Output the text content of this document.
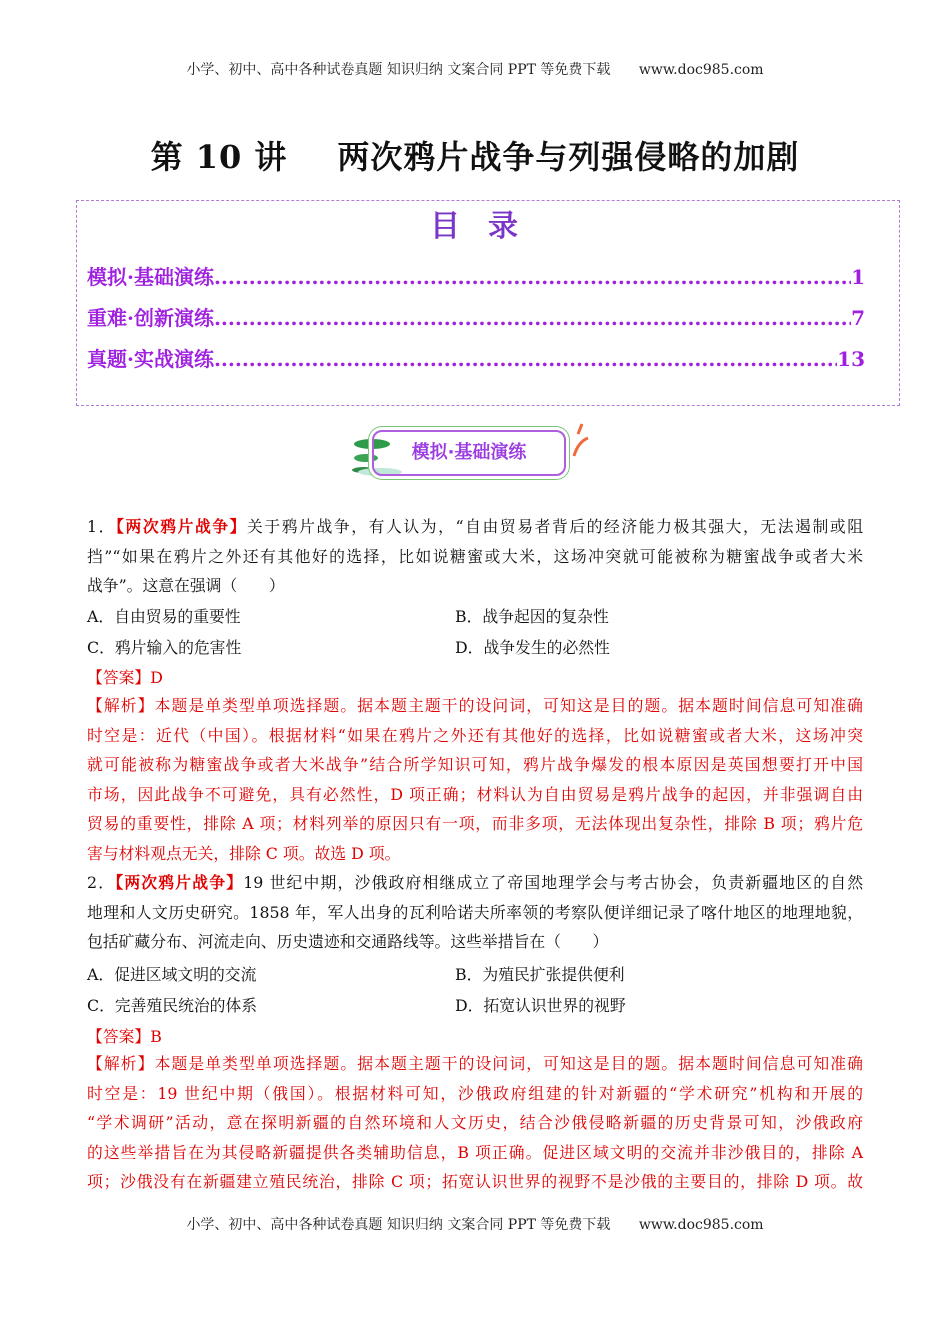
小学、初中、高中各种试卷真题 知识归纳 文案合同 PPT 等免费下载 www.doc985.com
第 10 讲 两次鸦片战争与列强侵略的加剧
目录
模拟·基础演练 .....	1
重难·创新演练 .....	7
真题·实战演练 .....	13
模拟·基础演练
1．【两次鸦片战争】关于鸦片战争，有人认为，“自由贸易者背后的经济能力极其强大，无法遏制或阻
挡”“如果在鸦片之外还有其他好的选择，比如说糖蜜或大米，这场冲突就可能被称为糖蜜战争或者大米
战争”。这意在强调（　　）
A．自由贸易的重要性	B．战争起因的复杂性
C．鸦片输入的危害性	D．战争发生的必然性
【答案】D
【解析】本题是单类型单项选择题。据本题主题干的设问词，可知这是目的题。据本题时间信息可知准确
时空是：近代（中国）。根据材料“如果在鸦片之外还有其他好的选择，比如说糖蜜或者大米，这场冲突
就可能被称为糖蜜战争或者大米战争”结合所学知识可知，鸦片战争爆发的根本原因是英国想要打开中国
市场，因此战争不可避免，具有必然性，D 项正确；材料认为自由贸易是鸦片战争的起因，并非强调自由
贸易的重要性，排除 A 项；材料列举的原因只有一项，而非多项，无法体现出复杂性，排除 B 项；鸦片危
害与材料观点无关，排除 C 项。故选 D 项。
2．【两次鸦片战争】19 世纪中期，沙俄政府相继成立了帝国地理学会与考古协会，负责新疆地区的自然
地理和人文历史研究。1858 年，军人出身的瓦利哈诺夫所率领的考察队便详细记录了喀什地区的地理地貌，
包括矿藏分布、河流走向、历史遗迹和交通路线等。这些举措旨在（　　）
A．促进区域文明的交流	B．为殖民扩张提供便利
C．完善殖民统治的体系	D．拓宽认识世界的视野
【答案】B
【解析】本题是单类型单项选择题。据本题主题干的设问词，可知这是目的题。据本题时间信息可知准确
时空是：19 世纪中期（俄国）。根据材料可知，沙俄政府组建的针对新疆的“学术研究”机构和开展的
“学术调研”活动，意在探明新疆的自然环境和人文历史，结合沙俄侵略新疆的历史背景可知，沙俄政府
的这些举措旨在为其侵略新疆提供各类辅助信息，B 项正确。促进区域文明的交流并非沙俄目的，排除 A
项；沙俄没有在新疆建立殖民统治，排除 C 项；拓宽认识世界的视野不是沙俄的主要目的，排除 D 项。故
小学、初中、高中各种试卷真题 知识归纳 文案合同 PPT 等免费下载 www.doc985.com
